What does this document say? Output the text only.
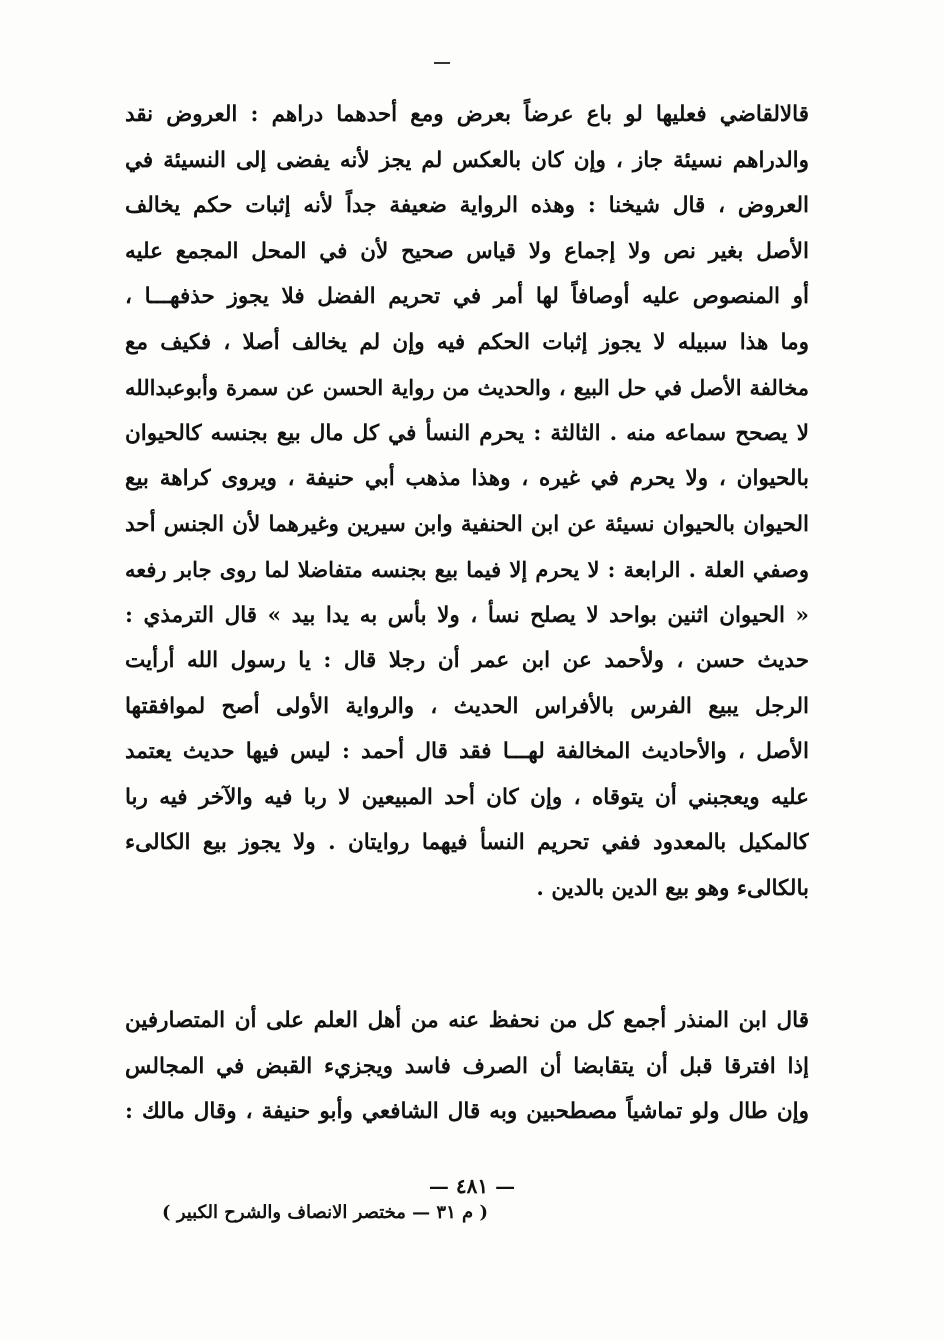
قالالقاضي فعليها لو باع عرضاً بعرض ومع أحدهما دراهم : العروض نقد
والدراهم نسيئة جاز ، وإن كان بالعكس لم يجز لأنه يفضى إلى النسيئة في
العروض ، قال شيخنا : وهذه الرواية ضعيفة جداً لأنه إثبات حكم يخالف
الأصل بغير نص ولا إجماع ولا قياس صحيح لأن في المحل المجمع عليه
أو المنصوص عليه أوصافاً لها أمر في تحريم الفضل فلا يجوز حذفهـــا ،
وما هذا سبيله لا يجوز إثبات الحكم فيه وإن لم يخالف أصلا ، فكيف مع
مخالفة الأصل في حل البيع ، والحديث من رواية الحسن عن سمرة وأبوعبدالله
لا يصحح سماعه منه . الثالثة : يحرم النسأ في كل مال بيع بجنسه كالحيوان
بالحيوان ، ولا يحرم في غيره ، وهذا مذهب أبي حنيفة ، ويروى كراهة بيع
الحيوان بالحيوان نسيئة عن ابن الحنفية وابن سيرين وغيرهما لأن الجنس أحد
وصفي العلة . الرابعة : لا يحرم إلا فيما بيع بجنسه متفاضلا لما روى جابر رفعه
« الحيوان اثنين بواحد لا يصلح نسأ ، ولا بأس به يدا بيد » قال الترمذي :
حديث حسن ، ولأحمد عن ابن عمر أن رجلا قال : يا رسول الله أرأيت
الرجل يبيع الفرس بالأفراس الحديث ، والرواية الأولى أصح لموافقتها
الأصل ، والأحاديث المخالفة لهـــا فقد قال أحمد : ليس فيها حديث يعتمد
عليه ويعجبني أن يتوقاه ، وإن كان أحد المبيعين لا ربا فيه والآخر فيه ربا
كالمكيل بالمعدود ففي تحريم النسأ فيهما روايتان . ولا يجوز بيع الكالىء
بالكالىء وهو بيع الدين بالدين .
قال ابن المنذر أجمع كل من نحفظ عنه من أهل العلم على أن المتصارفين
إذا افترقا قبل أن يتقابضا أن الصرف فاسد ويجزيء القبض في المجالس
وإن طال ولو تماشياً مصطحبين وبه قال الشافعي وأبو حنيفة ، وقال مالك :
— ٤٨١ —
( م ٣١ — مختصر الانصاف والشرح الكبير )
